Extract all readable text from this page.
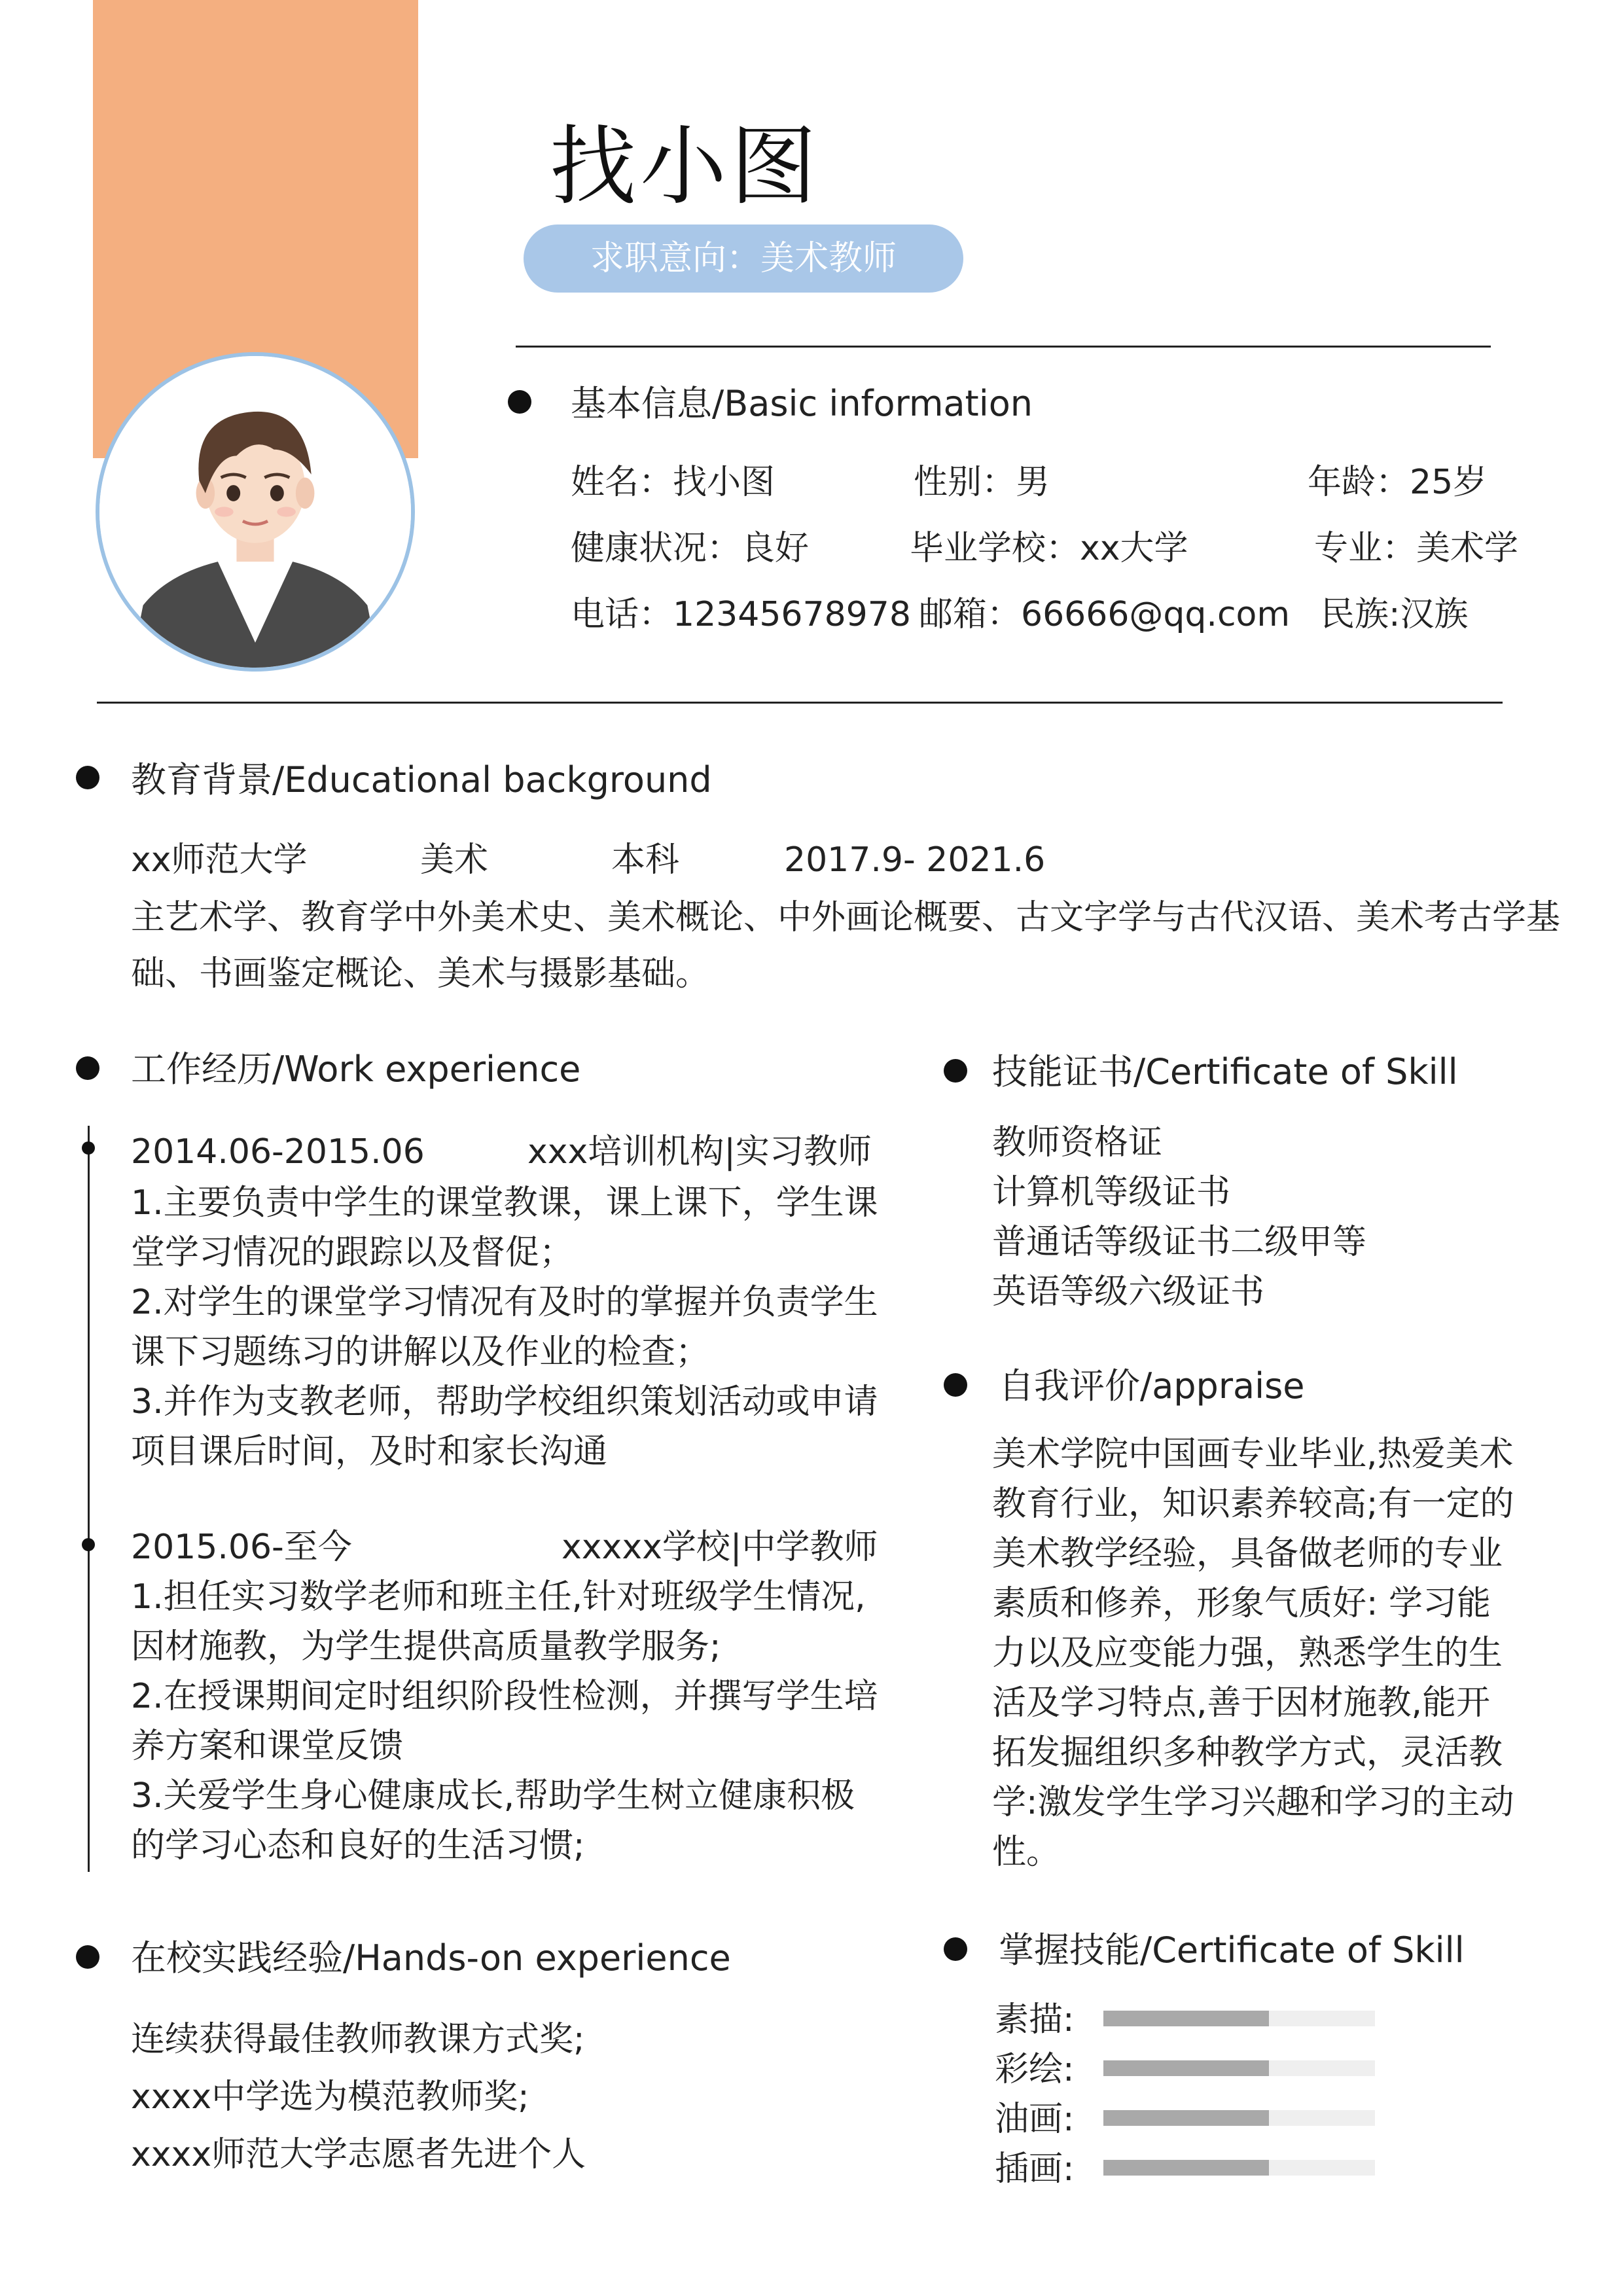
找小图
求职意向：美术教师
基本信息/Basic information
姓名：找小图	性别：男	年龄：25岁
健康状况：良好	毕业学校：xx大学	专业：美术学
电话：12345678978 邮箱：66666@qq.com 民族:汉族
教育背景/Educational background
xx师范大学	美术	本科	2017.9- 2021.6
主艺术学、教育学中外美术史、美术概论、中外画论概要、古文字学与古代汉语、美术考古学基
础、书画鉴定概论、美术与摄影基础。
工作经历/Work experience
2014.06-2015.06	xxx培训机构|实习教师
1.主要负责中学生的课堂教课，课上课下，学生课
堂学习情况的跟踪以及督促；
2.对学生的课堂学习情况有及时的掌握并负责学生
课下习题练习的讲解以及作业的检查；
3.并作为支教老师，帮助学校组织策划活动或申请
项目课后时间，及时和家长沟通
2015.06-至今	xxxxx学校|中学教师
1.担任实习数学老师和班主任,针对班级学生情况,
因材施教，为学生提供高质量教学服务;
2.在授课期间定时组织阶段性检测，并撰写学生培
养方案和课堂反馈
3.关爱学生身心健康成长,帮助学生树立健康积极
的学习心态和良好的生活习惯;
在校实践经验/Hands-on experience
连续获得最佳教师教课方式奖;
xxxx中学选为模范教师奖;
xxxx师范大学志愿者先进个人
技能证书/Certificate of Skill
教师资格证
计算机等级证书
普通话等级证书二级甲等
英语等级六级证书
自我评价/appraise
美术学院中国画专业毕业,热爱美术
教育行业，知识素养较高;有一定的
美术教学经验，具备做老师的专业
素质和修养，形象气质好: 学习能
力以及应变能力强，熟悉学生的生
活及学习特点,善于因材施教,能开
拓发掘组织多种教学方式，灵活教
学:激发学生学习兴趣和学习的主动
性。
掌握技能/Certificate of Skill
素描:
彩绘:
油画:
插画:
